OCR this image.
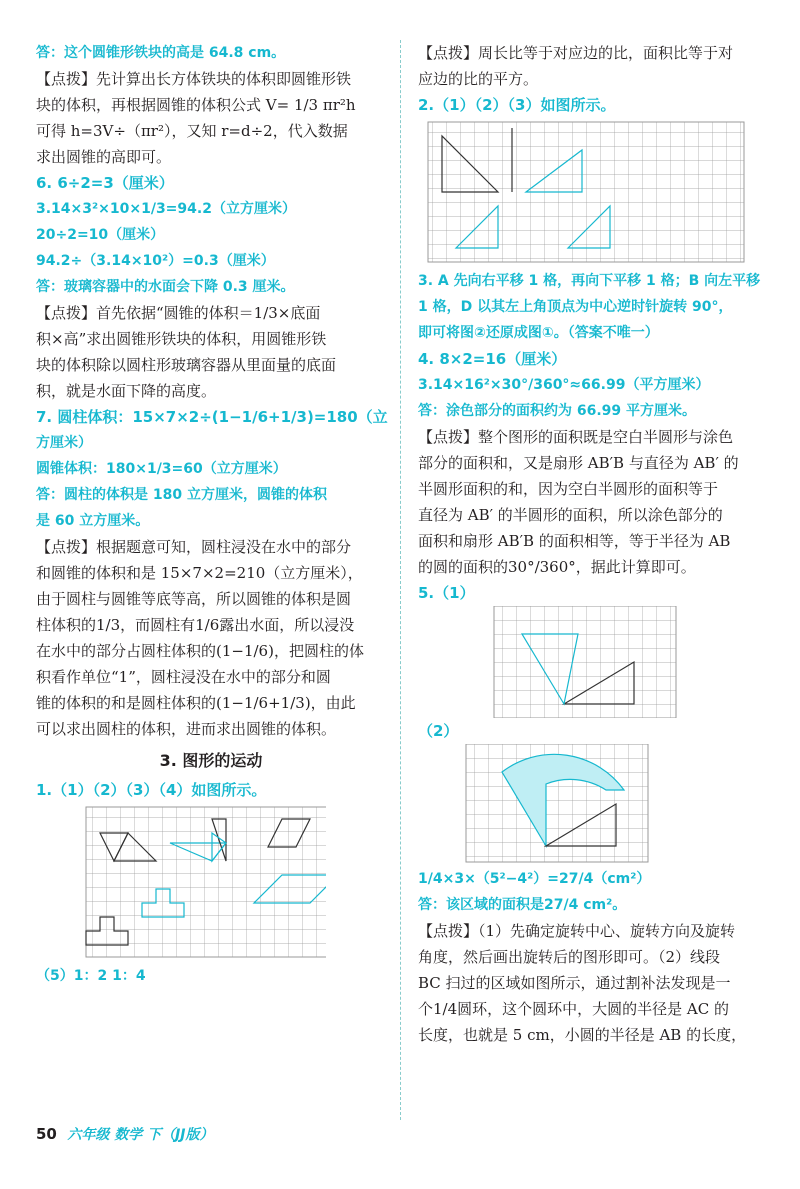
答：这个圆锥形铁块的高是 64.8 cm。
【点拨】先计算出长方体铁块的体积即圆锥形铁
块的体积，再根据圆锥的体积公式 V= 1/3 πr²h
可得 h=3V÷（πr²），又知 r=d÷2，代入数据
求出圆锥的高即可。
6. 6÷2=3（厘米）
3.14×3²×10×1/3=94.2（立方厘米）
20÷2=10（厘米）
94.2÷（3.14×10²）=0.3（厘米）
答：玻璃容器中的水面会下降 0.3 厘米。
【点拨】首先依据“圆锥的体积＝1/3×底面
积×高”求出圆锥形铁块的体积，用圆锥形铁
块的体积除以圆柱形玻璃容器从里面量的底面
积，就是水面下降的高度。
7. 圆柱体积：15×7×2÷(1−1/6+1/3)=180（立
方厘米）
圆锥体积：180×1/3=60（立方厘米）
答：圆柱的体积是 180 立方厘米，圆锥的体积
是 60 立方厘米。
【点拨】根据题意可知，圆柱浸没在水中的部分
和圆锥的体积和是 15×7×2=210（立方厘米），
由于圆柱与圆锥等底等高，所以圆锥的体积是圆
柱体积的1/3，而圆柱有1/6露出水面，所以浸没
在水中的部分占圆柱体积的(1−1/6)，把圆柱的体
积看作单位“1”，圆柱浸没在水中的部分和圆
锥的体积的和是圆柱体积的(1−1/6+1/3)，由此
可以求出圆柱的体积，进而求出圆锥的体积。
3. 图形的运动
1.（1）（2）（3）（4）如图所示。
（5）1：2 1：4
【点拨】周长比等于对应边的比，面积比等于对
应边的比的平方。
2.（1）（2）（3）如图所示。
3. A 先向右平移 1 格，再向下平移 1 格；B 向左平移
1 格，D 以其左上角顶点为中心逆时针旋转 90°，
即可将图②还原成图①。（答案不唯一）
4. 8×2=16（厘米）
3.14×16²×30°/360°≈66.99（平方厘米）
答：涂色部分的面积约为 66.99 平方厘米。
【点拨】整个图形的面积既是空白半圆形与涂色
部分的面积和，又是扇形 AB′B 与直径为 AB′ 的
半圆形面积的和，因为空白半圆形的面积等于
直径为 AB′ 的半圆形的面积，所以涂色部分的
面积和扇形 AB′B 的面积相等，等于半径为 AB
的圆的面积的30°/360°，据此计算即可。
5.（1）
（2）
1/4×3×（5²−4²）=27/4（cm²）
答：该区域的面积是27/4 cm²。
【点拨】（1）先确定旋转中心、旋转方向及旋转
角度，然后画出旋转后的图形即可。（2）线段
BC 扫过的区域如图所示，通过割补法发现是一
个1/4圆环，这个圆环中，大圆的半径是 AC 的
长度，也就是 5 cm，小圆的半径是 AB 的长度，
50 六年级 数学 下（JJ版）
